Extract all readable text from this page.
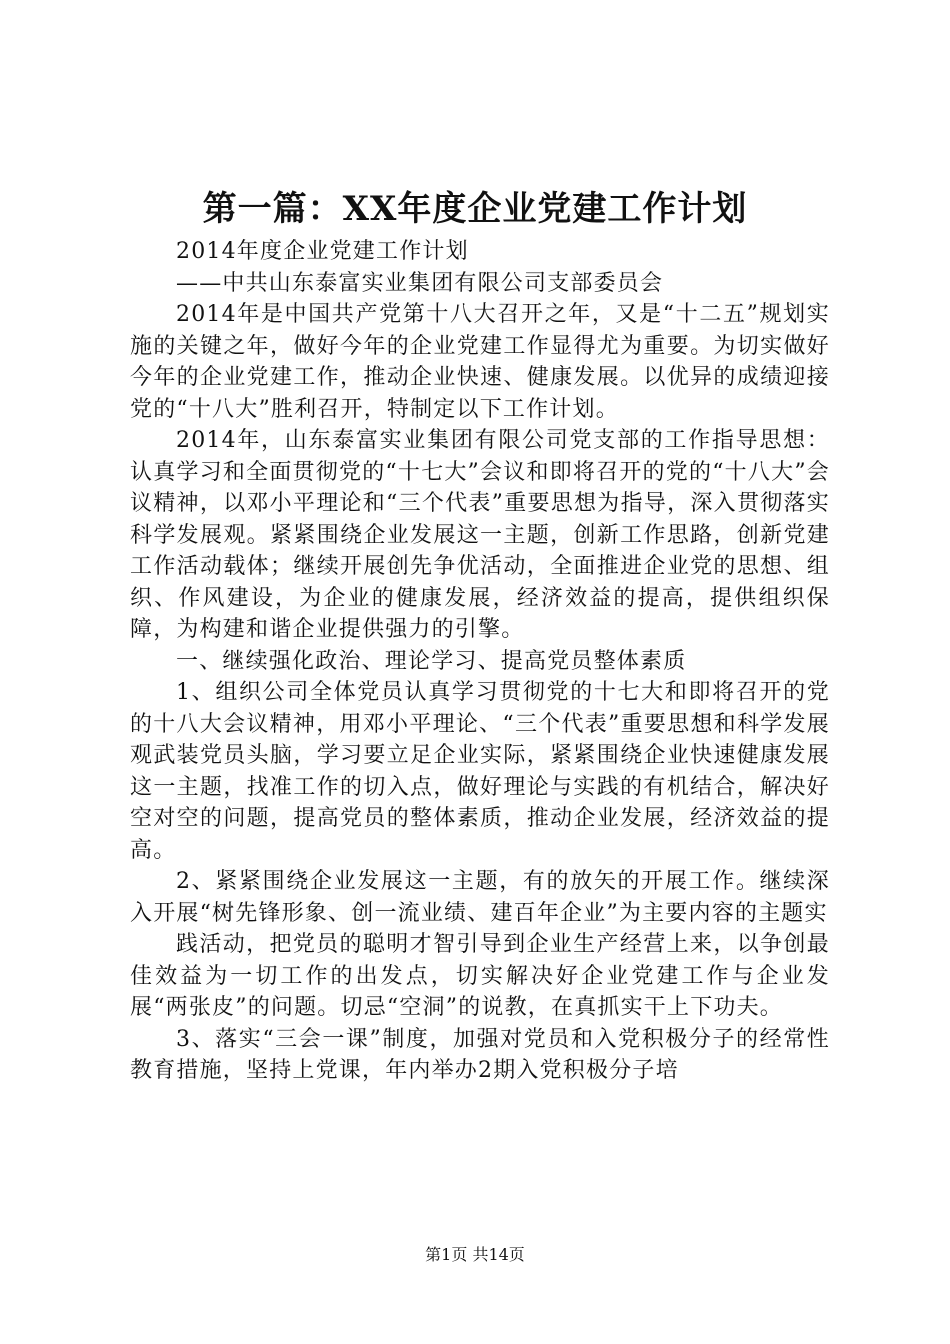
第一篇：XX年度企业党建工作计划

2014年度企业党建工作计划

——中共山东泰富实业集团有限公司支部委员会

2014年是中国共产党第十八大召开之年，又是“十二五”规划实施的关键之年，做好今年的企业党建工作显得尤为重要。为切实做好今年的企业党建工作，推动企业快速、健康发展。以优异的成绩迎接党的“十八大”胜利召开，特制定以下工作计划。

2014年，山东泰富实业集团有限公司党支部的工作指导思想：认真学习和全面贯彻党的“十七大”会议和即将召开的党的“十八大”会议精神，以邓小平理论和“三个代表”重要思想为指导，深入贯彻落实科学发展观。紧紧围绕企业发展这一主题，创新工作思路，创新党建工作活动载体；继续开展创先争优活动，全面推进企业党的思想、组织、作风建设，为企业的健康发展，经济效益的提高，提供组织保障，为构建和谐企业提供强力的引擎。

一、继续强化政治、理论学习、提高党员整体素质

1、组织公司全体党员认真学习贯彻党的十七大和即将召开的党的十八大会议精神，用邓小平理论、“三个代表”重要思想和科学发展观武装党员头脑，学习要立足企业实际，紧紧围绕企业快速健康发展这一主题，找准工作的切入点，做好理论与实践的有机结合，解决好空对空的问题，提高党员的整体素质，推动企业发展，经济效益的提高。

2、紧紧围绕企业发展这一主题，有的放矢的开展工作。继续深入开展“树先锋形象、创一流业绩、建百年企业”为主要内容的主题实

践活动，把党员的聪明才智引导到企业生产经营上来，以争创最佳效益为一切工作的出发点，切实解决好企业党建工作与企业发展“两张皮”的问题。切忌“空洞”的说教，在真抓实干上下功夫。

3、落实“三会一课”制度，加强对党员和入党积极分子的经常性教育措施，坚持上党课，年内举办2期入党积极分子培

第1页 共14页
